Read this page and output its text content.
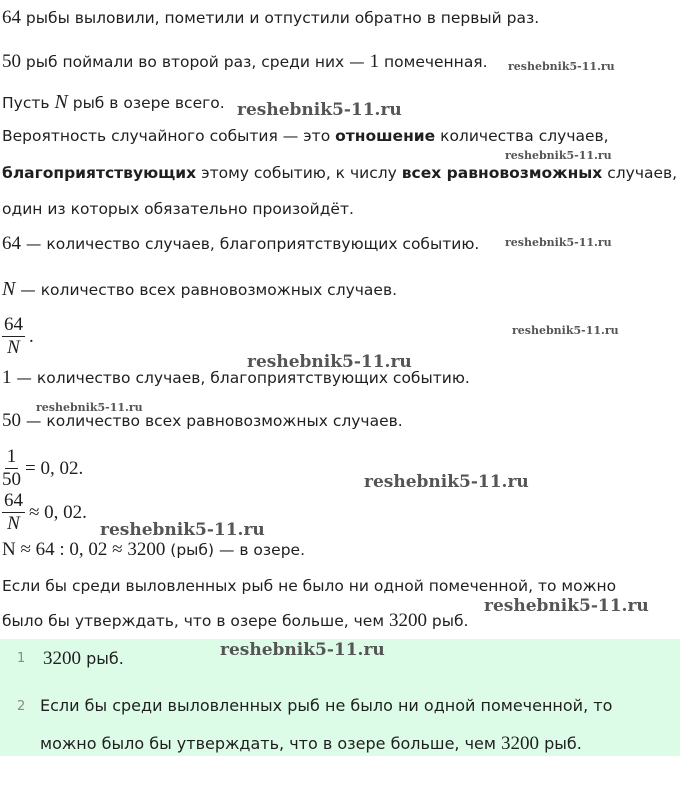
64 рыбы выловили, пометили и отпустили обратно в первый раз.
50 рыб поймали во второй раз, среди них — 1 помеченная.
Пусть N рыб в озере всего.
Вероятность случайного события — это отношение количества случаев,
благоприятствующих этому событию, к числу всех равновозможных случаев,
один из которых обязательно произойдёт.
64 — количество случаев, благоприятствующих событию.
N — количество всех равновозможных случаев.
$\frac{64}{N}$ .
1 — количество случаев, благоприятствующих событию.
50 — количество всех равновозможных случаев.
$\frac{1}{50} = 0$, 02.
$\frac{64}{N} \approx 0$, 02.
N ≈ 64 : 0, 02 ≈ 3200 (рыб) — в озере.
Если бы среди выловленных рыб не было ни одной помеченной, то можно
было бы утверждать, что в озере больше, чем 3200 рыб.
1 3200 рыб.
2 Если бы среди выловленных рыб не было ни одной помеченной, то
можно было бы утверждать, что в озере больше, чем 3200 рыб.
reshebnik5-11.ru
reshebnik5-11.ru
reshebnik5-11.ru
reshebnik5-11.ru
reshebnik5-11.ru
reshebnik5-11.ru
reshebnik5-11.ru
reshebnik5-11.ru
reshebnik5-11.ru
reshebnik5-11.ru
reshebnik5-11.ru
